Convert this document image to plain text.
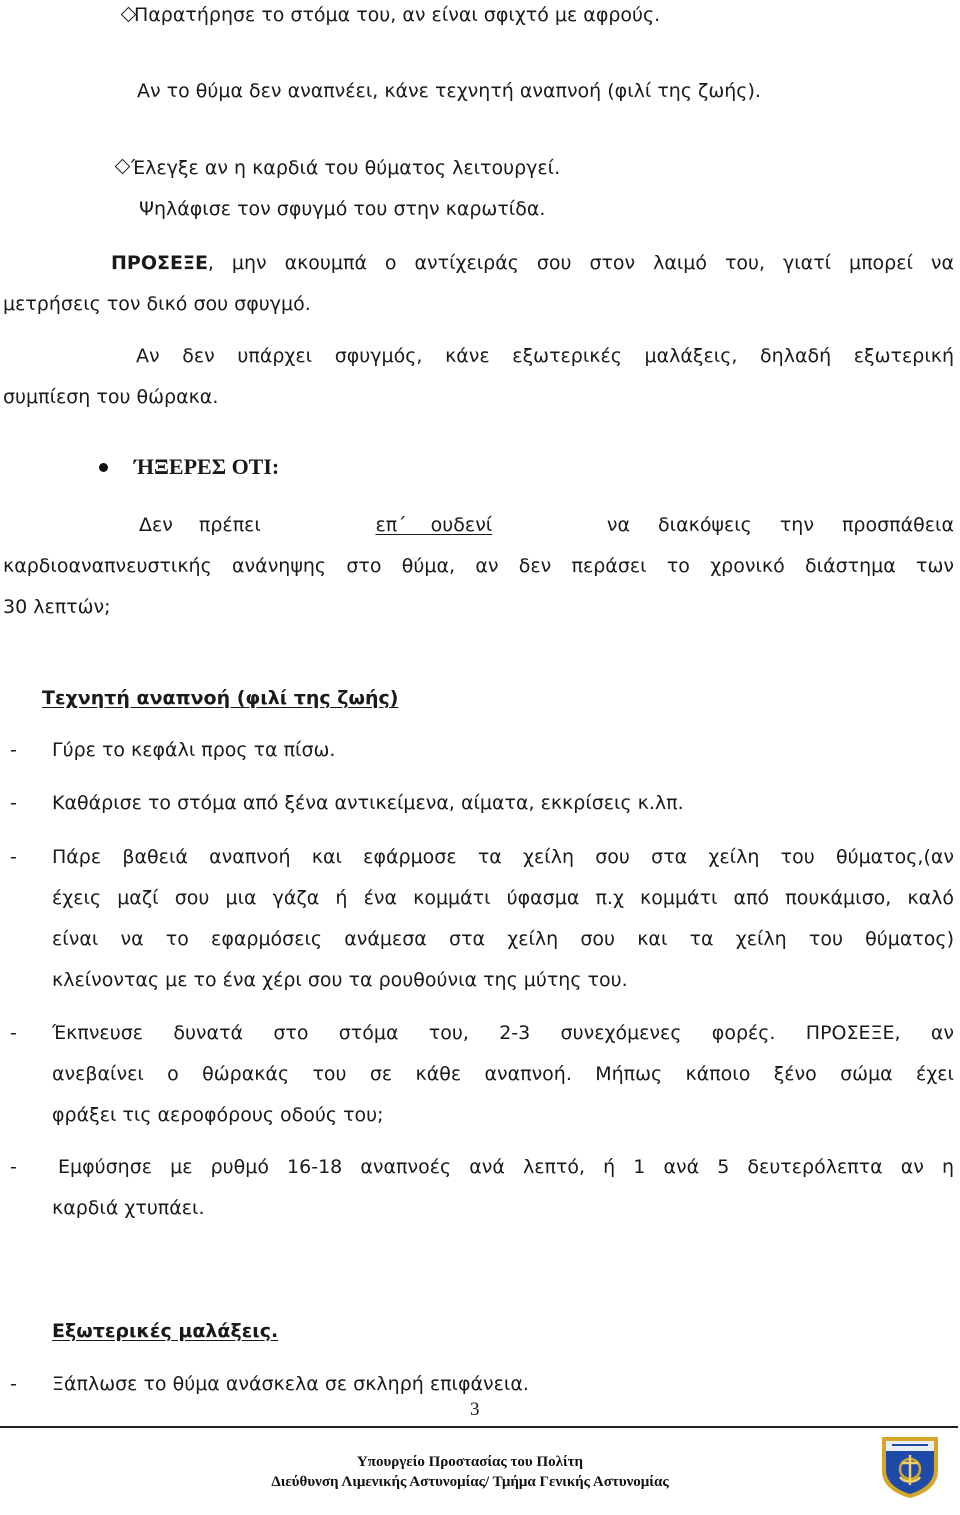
Παρατήρησε το στόμα του, αν είναι σφιχτό με αφρούς.

Αν το θύμα δεν αναπνέει, κάνε τεχνητή αναπνοή (φιλί της ζωής).

Έλεγξε αν η καρδιά του θύματος λειτουργεί.

Ψηλάφισε τον σφυγμό του στην καρωτίδα.

ΠΡΟΣΕΞΕ, μην ακουμπά ο αντίχειράς σου στον λαιμό του, γιατί μπορεί να

μετρήσεις τον δικό σου σφυγμό.

Αν δεν υπάρχει σφυγμός, κάνε εξωτερικές μαλάξεις, δηλαδή εξωτερική

συμπίεση του θώρακα.

ΉΞΕΡΕΣ ΟΤΙ:

Δεν πρέπει	επ΄ ουδενί	να διακόψεις την προσπάθεια

καρδιοαναπνευστικής ανάνηψης στο θύμα, αν δεν περάσει το χρονικό διάστημα των

30 λεπτών;

Τεχνητή αναπνοή (φιλί της ζωής)

- Γύρε το κεφάλι προς τα πίσω.

- Καθάρισε το στόμα από ξένα αντικείμενα, αίματα, εκκρίσεις κ.λπ.

- Πάρε βαθειά αναπνοή και εφάρμοσε τα χείλη σου στα χείλη του θύματος,(αν

έχεις μαζί σου μια γάζα ή ένα κομμάτι ύφασμα π.χ κομμάτι από πουκάμισο, καλό

είναι να το εφαρμόσεις ανάμεσα στα χείλη σου και τα χείλη του θύματος)

κλείνοντας με το ένα χέρι σου τα ρουθούνια της μύτης του.

- Έκπνευσε δυνατά στο στόμα του, 2-3 συνεχόμενες φορές. ΠΡΟΣΕΞΕ, αν

ανεβαίνει ο θώρακάς του σε κάθε αναπνοή. Μήπως κάποιο ξένο σώμα έχει

φράξει τις αεροφόρους οδούς του;

- Εμφύσησε με ρυθμό 16-18 αναπνοές ανά λεπτό, ή 1 ανά 5 δευτερόλεπτα αν η

καρδιά χτυπάει.

Εξωτερικές μαλάξεις.

- Ξάπλωσε το θύμα ανάσκελα σε σκληρή επιφάνεια.

3
Υπουργείο Προστασίας του Πολίτη
Διεύθυνση Λιμενικής Αστυνομίας/ Τμήμα Γενικής Αστυνομίας
